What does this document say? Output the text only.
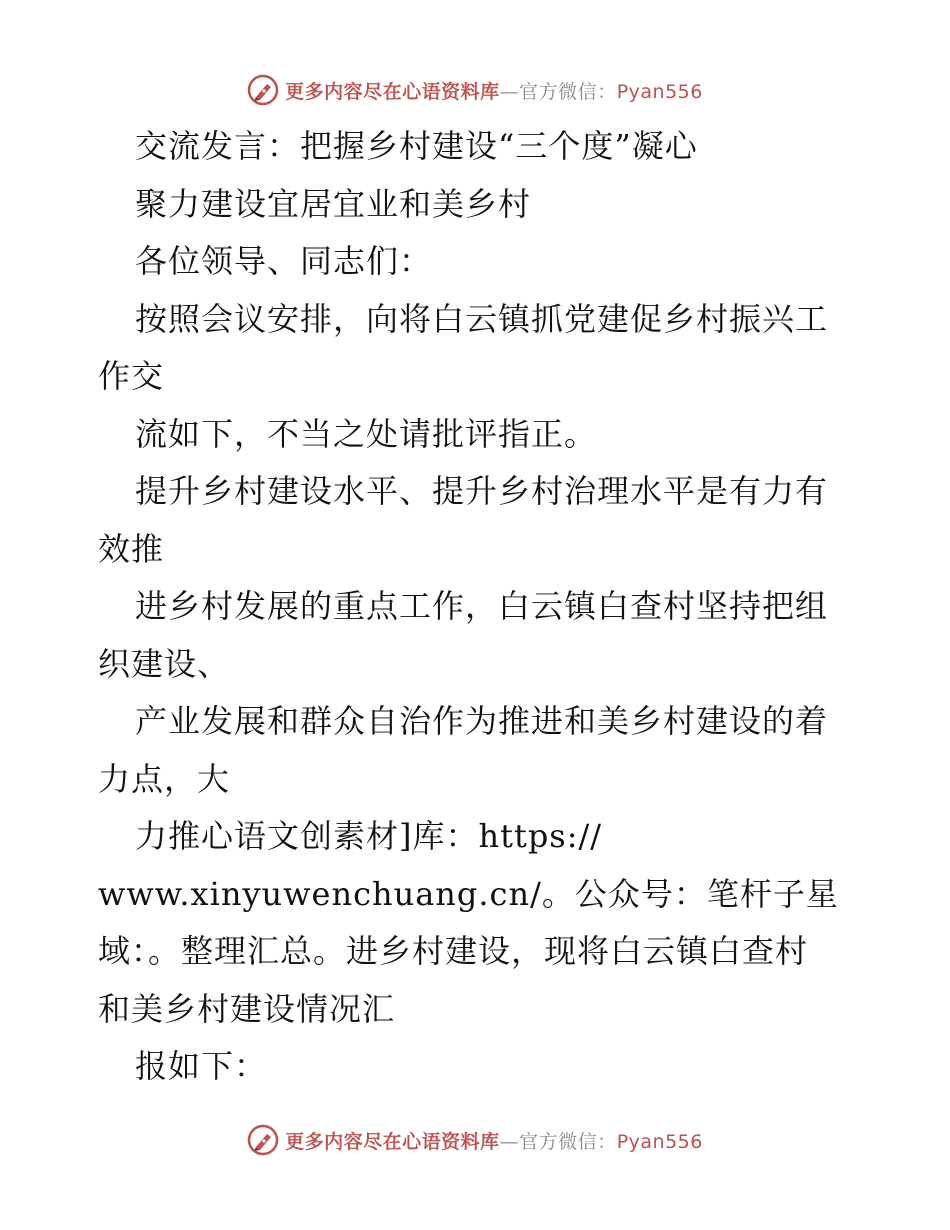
更多内容尽在心语资料库—官方微信：Pyan556
交流发言：把握乡村建设“三个度”凝心
聚力建设宜居宜业和美乡村
各位领导、同志们：
按照会议安排，向将白云镇抓党建促乡村振兴工
作交
流如下，不当之处请批评指正。
提升乡村建设水平、提升乡村治理水平是有力有
效推
进乡村发展的重点工作，白云镇白查村坚持把组
织建设、
产业发展和群众自治作为推进和美乡村建设的着
力点，大
力推心语文创素材]库：https://
www.xinyuwenchuang.cn/。公众号：笔杆子星
域：。整理汇总。进乡村建设，现将白云镇白查村
和美乡村建设情况汇
报如下：
更多内容尽在心语资料库—官方微信：Pyan556
